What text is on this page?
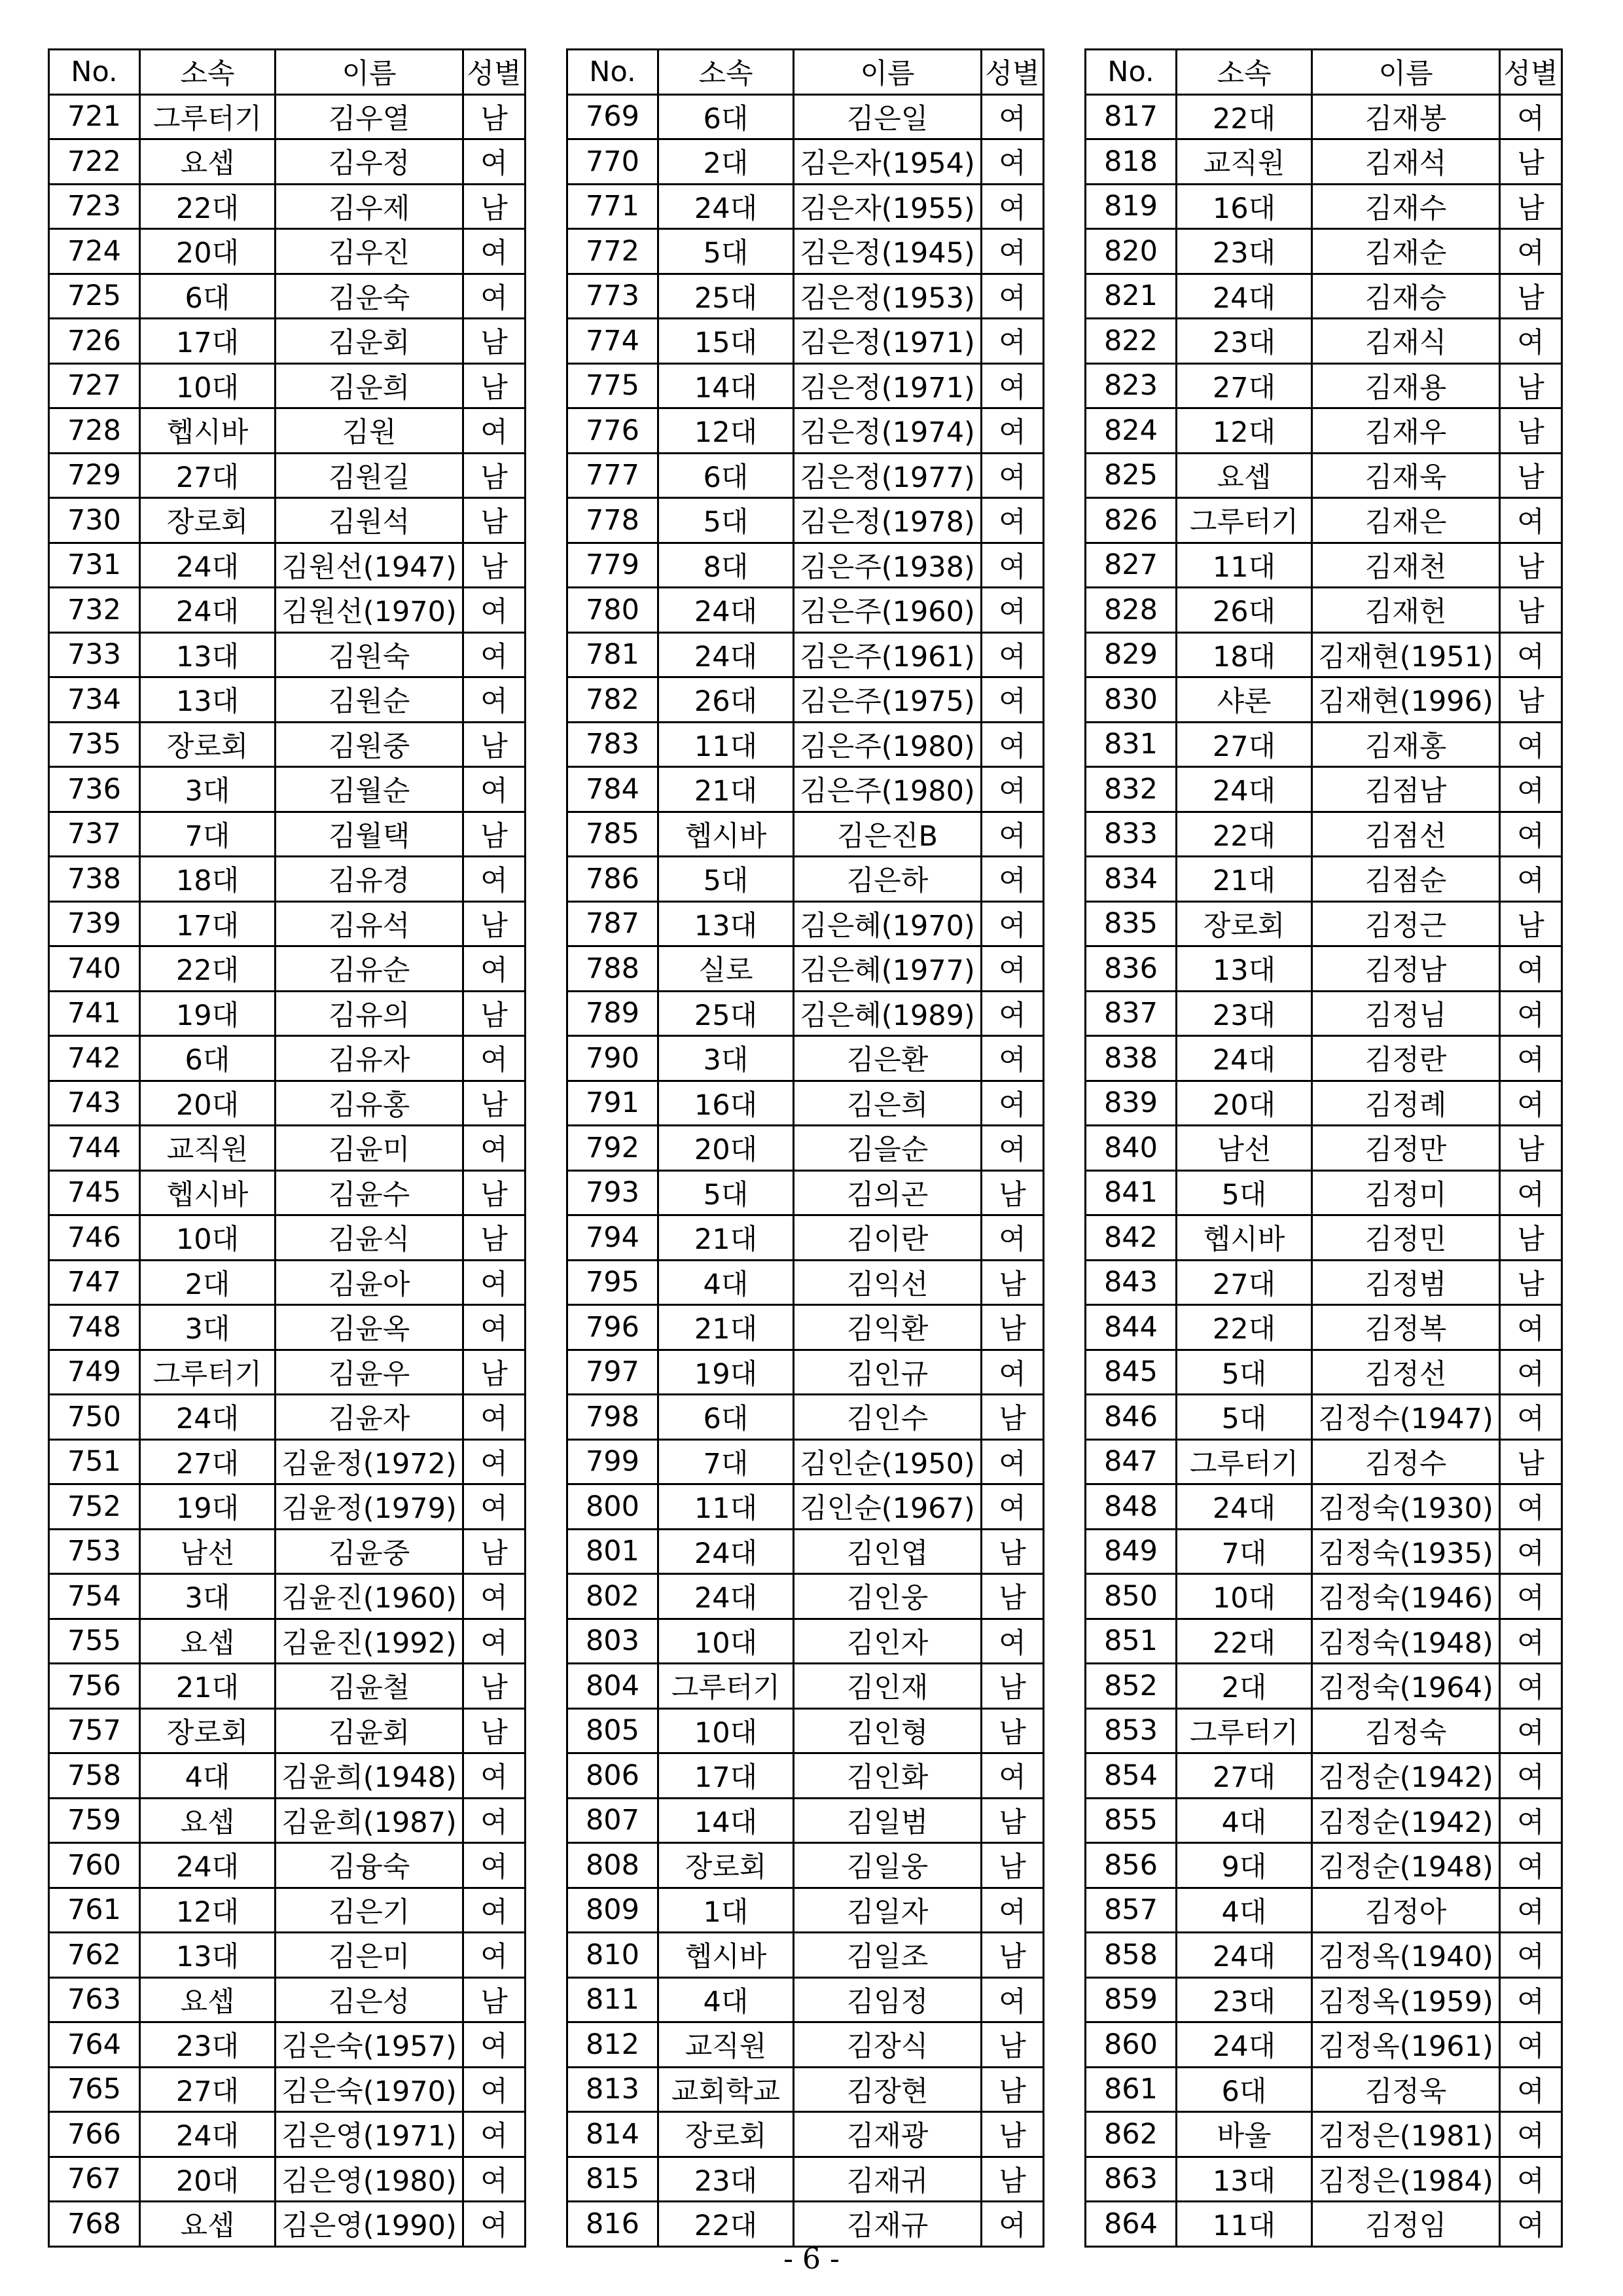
No.	소속	이름	성별
721	그루터기	김우열	남
722	요셉	김우정	여
723	22대	김우제	남
724	20대	김우진	여
725	6대	김운숙	여
726	17대	김운회	남
727	10대	김운희	남
728	헵시바	김원	여
729	27대	김원길	남
730	장로회	김원석	남
731	24대	김원선(1947)	남
732	24대	김원선(1970)	여
733	13대	김원숙	여
734	13대	김원순	여
735	장로회	김원중	남
736	3대	김월순	여
737	7대	김월택	남
738	18대	김유경	여
739	17대	김유석	남
740	22대	김유순	여
741	19대	김유의	남
742	6대	김유자	여
743	20대	김유홍	남
744	교직원	김윤미	여
745	헵시바	김윤수	남
746	10대	김윤식	남
747	2대	김윤아	여
748	3대	김윤옥	여
749	그루터기	김윤우	남
750	24대	김윤자	여
751	27대	김윤정(1972)	여
752	19대	김윤정(1979)	여
753	남선	김윤중	남
754	3대	김윤진(1960)	여
755	요셉	김윤진(1992)	여
756	21대	김윤철	남
757	장로회	김윤회	남
758	4대	김윤희(1948)	여
759	요셉	김윤희(1987)	여
760	24대	김융숙	여
761	12대	김은기	여
762	13대	김은미	여
763	요셉	김은성	남
764	23대	김은숙(1957)	여
765	27대	김은숙(1970)	여
766	24대	김은영(1971)	여
767	20대	김은영(1980)	여
768	요셉	김은영(1990)	여
No.	소속	이름	성별
769	6대	김은일	여
770	2대	김은자(1954)	여
771	24대	김은자(1955)	여
772	5대	김은정(1945)	여
773	25대	김은정(1953)	여
774	15대	김은정(1971)	여
775	14대	김은정(1971)	여
776	12대	김은정(1974)	여
777	6대	김은정(1977)	여
778	5대	김은정(1978)	여
779	8대	김은주(1938)	여
780	24대	김은주(1960)	여
781	24대	김은주(1961)	여
782	26대	김은주(1975)	여
783	11대	김은주(1980)	여
784	21대	김은주(1980)	여
785	헵시바	김은진B	여
786	5대	김은하	여
787	13대	김은혜(1970)	여
788	실로	김은혜(1977)	여
789	25대	김은혜(1989)	여
790	3대	김은환	여
791	16대	김은희	여
792	20대	김을순	여
793	5대	김의곤	남
794	21대	김이란	여
795	4대	김익선	남
796	21대	김익환	남
797	19대	김인규	여
798	6대	김인수	남
799	7대	김인순(1950)	여
800	11대	김인순(1967)	여
801	24대	김인엽	남
802	24대	김인웅	남
803	10대	김인자	여
804	그루터기	김인재	남
805	10대	김인형	남
806	17대	김인화	여
807	14대	김일범	남
808	장로회	김일웅	남
809	1대	김일자	여
810	헵시바	김일조	남
811	4대	김임정	여
812	교직원	김장식	남
813	교회학교	김장현	남
814	장로회	김재광	남
815	23대	김재귀	남
816	22대	김재규	여
No.	소속	이름	성별
817	22대	김재봉	여
818	교직원	김재석	남
819	16대	김재수	남
820	23대	김재순	여
821	24대	김재승	남
822	23대	김재식	여
823	27대	김재용	남
824	12대	김재우	남
825	요셉	김재욱	남
826	그루터기	김재은	여
827	11대	김재천	남
828	26대	김재헌	남
829	18대	김재현(1951)	여
830	샤론	김재현(1996)	남
831	27대	김재홍	여
832	24대	김점남	여
833	22대	김점선	여
834	21대	김점순	여
835	장로회	김정근	남
836	13대	김정남	여
837	23대	김정님	여
838	24대	김정란	여
839	20대	김정례	여
840	남선	김정만	남
841	5대	김정미	여
842	헵시바	김정민	남
843	27대	김정범	남
844	22대	김정복	여
845	5대	김정선	여
846	5대	김정수(1947)	여
847	그루터기	김정수	남
848	24대	김정숙(1930)	여
849	7대	김정숙(1935)	여
850	10대	김정숙(1946)	여
851	22대	김정숙(1948)	여
852	2대	김정숙(1964)	여
853	그루터기	김정숙	여
854	27대	김정순(1942)	여
855	4대	김정순(1942)	여
856	9대	김정순(1948)	여
857	4대	김정아	여
858	24대	김정옥(1940)	여
859	23대	김정옥(1959)	여
860	24대	김정옥(1961)	여
861	6대	김정욱	여
862	바울	김정은(1981)	여
863	13대	김정은(1984)	여
864	11대	김정임	여
- 6 -
